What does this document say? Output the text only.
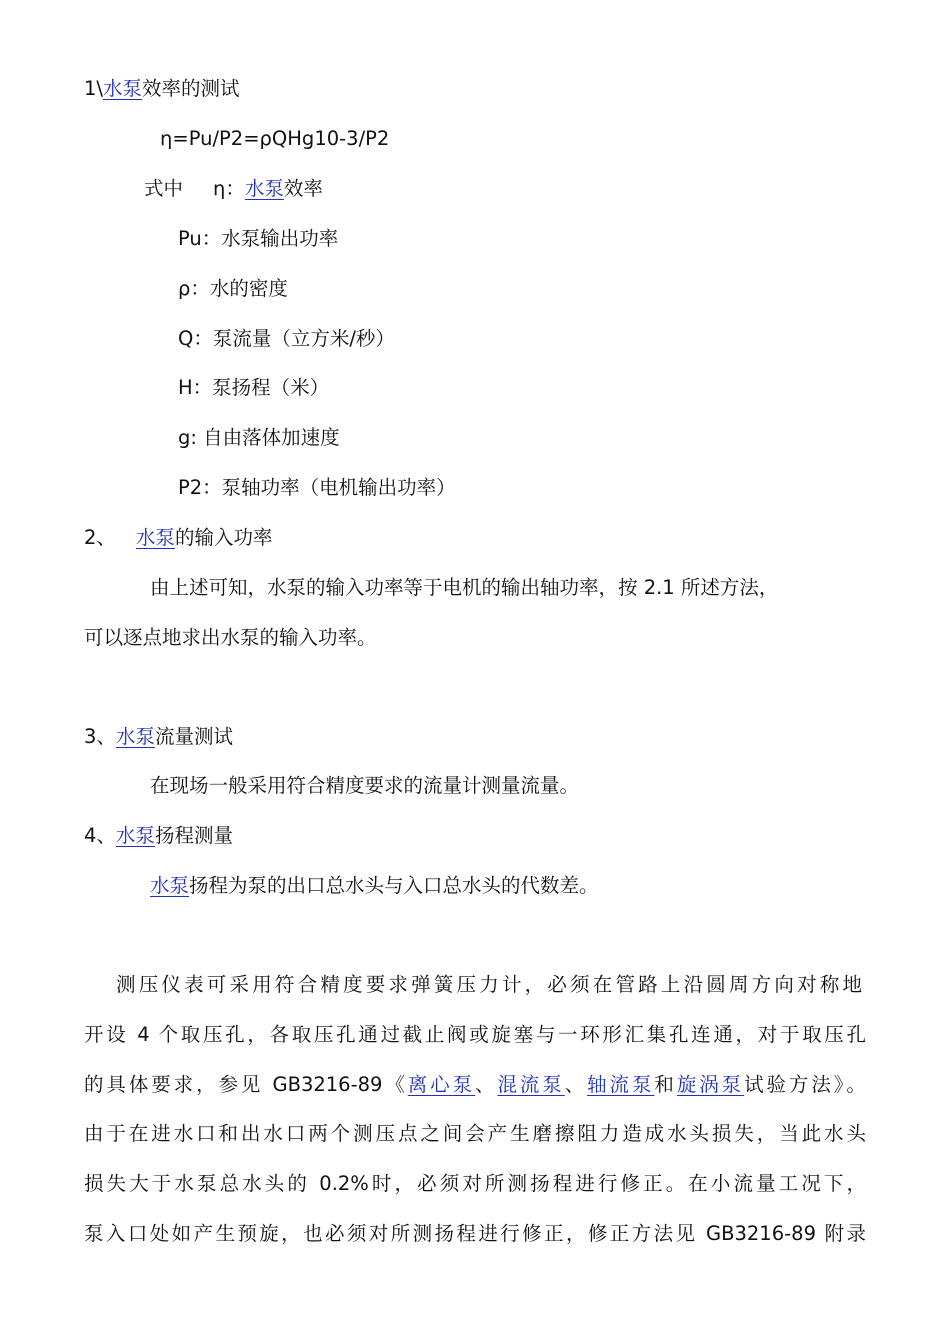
1\水泵效率的测试
η=Pu/P2=ρQHg10-3/P2
式中 η：水泵效率
Pu：水泵输出功率
ρ：水的密度
Q：泵流量（立方米/秒）
H：泵扬程（米）
g: 自由落体加速度
P2：泵轴功率（电机输出功率）
2、 水泵的输入功率
由上述可知，水泵的输入功率等于电机的输出轴功率，按 2.1 所述方法，
可以逐点地求出水泵的输入功率。
3、水泵流量测试
在现场一般采用符合精度要求的流量计测量流量。
4、水泵扬程测量
水泵扬程为泵的出口总水头与入口总水头的代数差。
测压仪表可采用符合精度要求弹簧压力计，必须在管路上沿圆周方向对称地
开设 4 个取压孔，各取压孔通过截止阀或旋塞与一环形汇集孔连通，对于取压孔
的具体要求，参见 GB3216-89《离心泵、混流泵、轴流泵和旋涡泵试验方法》。
由于在进水口和出水口两个测压点之间会产生磨擦阻力造成水头损失，当此水头
损失大于水泵总水头的 0.2%时，必须对所测扬程进行修正。在小流量工况下，
泵入口处如产生预旋，也必须对所测扬程进行修正，修正方法见 GB3216-89 附录
